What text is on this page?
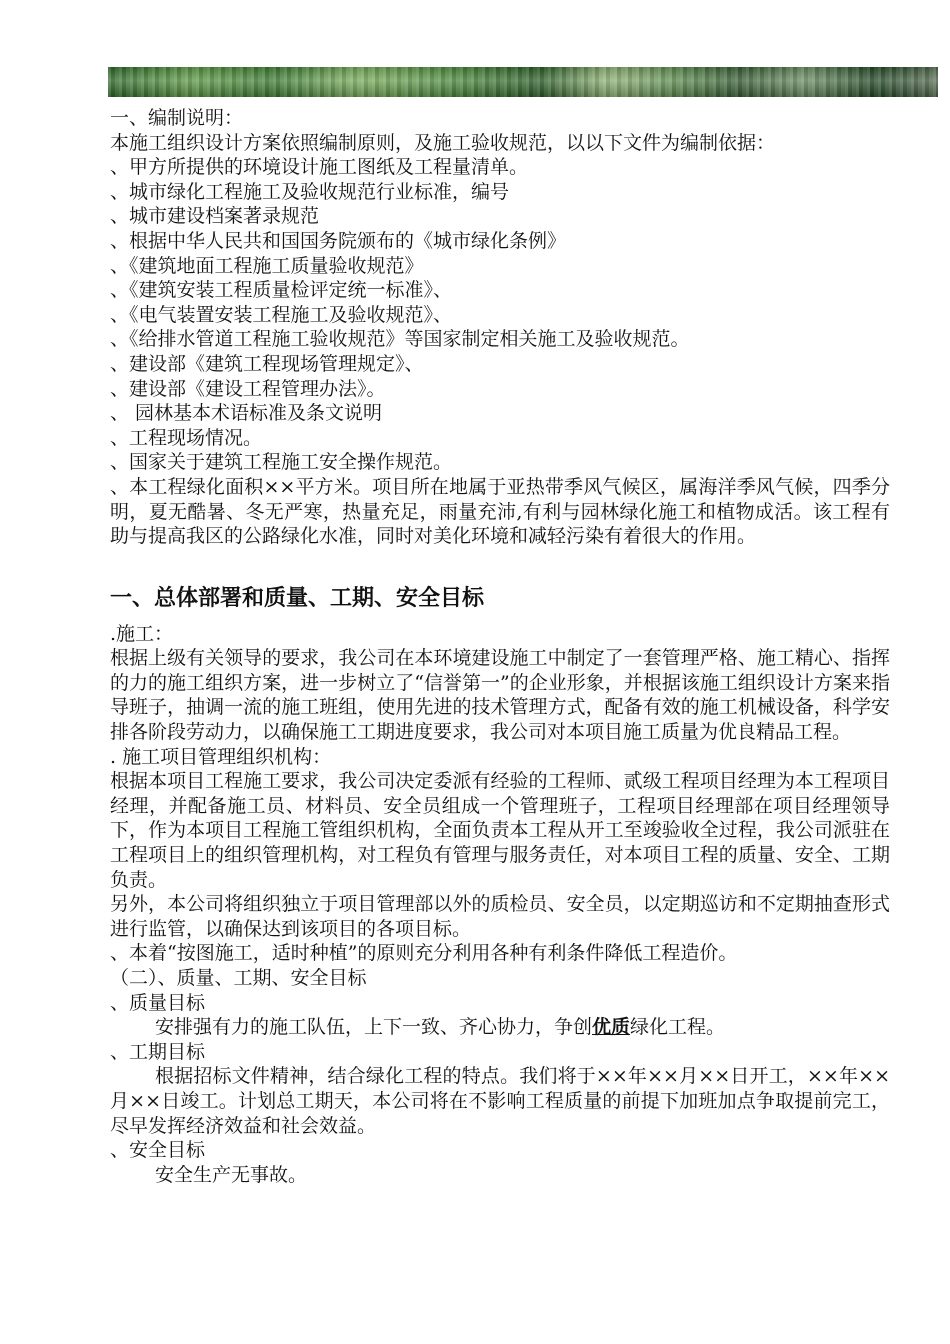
一、编制说明：

本施工组织设计方案依照编制原则，及施工验收规范，以以下文件为编制依据：

、甲方所提供的环境设计施工图纸及工程量清单。

、城市绿化工程施工及验收规范行业标准，编号

、城市建设档案著录规范

、根据中华人民共和国国务院颁布的《城市绿化条例》

、《建筑地面工程施工质量验收规范》

、《建筑安装工程质量检评定统一标准》、

、《电气装置安装工程施工及验收规范》、

、《给排水管道工程施工验收规范》等国家制定相关施工及验收规范。

、建设部《建筑工程现场管理规定》、

、建设部《建设工程管理办法》。

、 园林基本术语标准及条文说明

、工程现场情况。

、国家关于建筑工程施工安全操作规范。

、本工程绿化面积××平方米。项目所在地属于亚热带季风气候区，属海洋季风气候，四季分明，夏无酷暑、冬无严寒，热量充足，雨量充沛,有利与园林绿化施工和植物成活。该工程有助与提高我区的公路绿化水准，同时对美化环境和减轻污染有着很大的作用。

一、总体部署和质量、工期、安全目标

.施工：

根据上级有关领导的要求，我公司在本环境建设施工中制定了一套管理严格、施工精心、指挥的力的施工组织方案，进一步树立了“信誉第一”的企业形象，并根据该施工组织设计方案来指导班子，抽调一流的施工班组，使用先进的技术管理方式，配备有效的施工机械设备，科学安排各阶段劳动力，以确保施工工期进度要求，我公司对本项目施工质量为优良精品工程。

. 施工项目管理组织机构：

根据本项目工程施工要求，我公司决定委派有经验的工程师、贰级工程项目经理为本工程项目经理，并配备施工员、材料员、安全员组成一个管理班子，工程项目经理部在项目经理领导下，作为本项目工程施工管组织机构，全面负责本工程从开工至竣验收全过程，我公司派驻在工程项目上的组织管理机构，对工程负有管理与服务责任，对本项目工程的质量、安全、工期负责。

另外，本公司将组织独立于项目管理部以外的质检员、安全员，以定期巡访和不定期抽查形式进行监管，以确保达到该项目的各项目标。

、本着“按图施工，适时种植”的原则充分利用各种有利条件降低工程造价。

（二）、质量、工期、安全目标

、质量目标

安排强有力的施工队伍，上下一致、齐心协力，争创优质绿化工程。

、工期目标

根据招标文件精神，结合绿化工程的特点。我们将于××年××月××日开工，××年××月××日竣工。计划总工期天，本公司将在不影响工程质量的前提下加班加点争取提前完工，尽早发挥经济效益和社会效益。

、安全目标

安全生产无事故。
